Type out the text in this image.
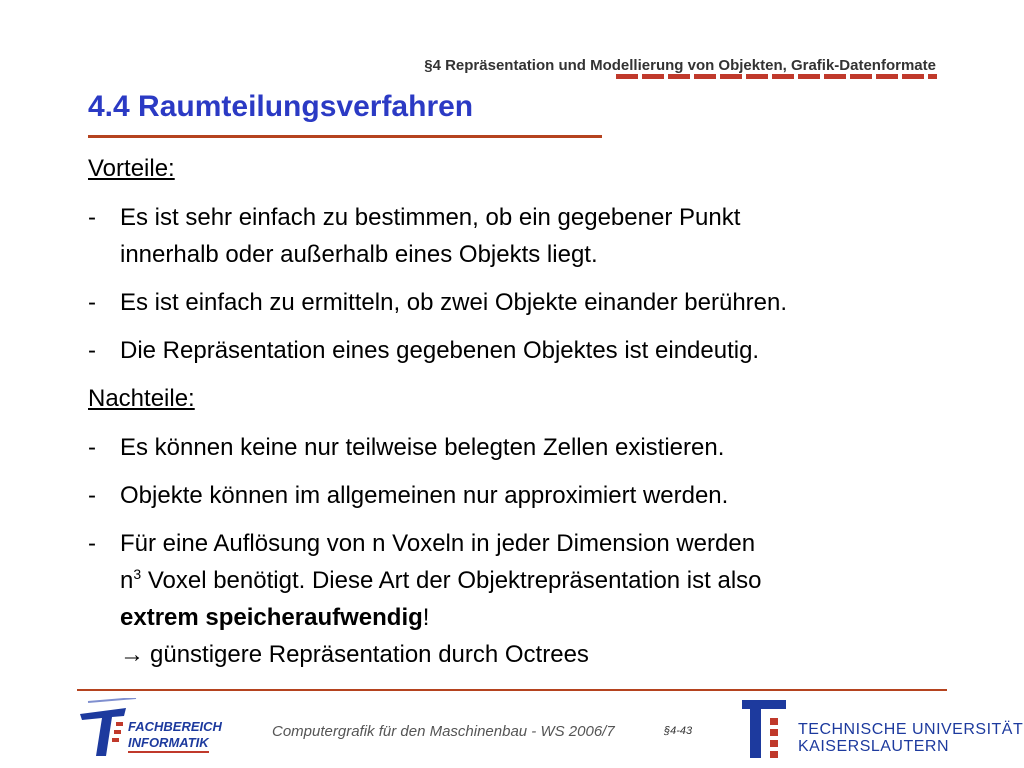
§4 Repräsentation und Modellierung von Objekten, Grafik-Datenformate
4.4 Raumteilungsverfahren
Vorteile:
- Es ist sehr einfach zu bestimmen, ob ein gegebener Punkt
innerhalb oder außerhalb eines Objekts liegt.
- Es ist einfach zu ermitteln, ob zwei Objekte einander berühren.
- Die Repräsentation eines gegebenen Objektes ist eindeutig.
Nachteile:
- Es können keine nur teilweise belegten Zellen existieren.
- Objekte können im allgemeinen nur approximiert werden.
- Für eine Auflösung von n Voxeln in jeder Dimension werden
$n^3$ Voxel benötigt. Diese Art der Objektrepräsentation ist also
extrem speicheraufwendig!
→ günstigere Repräsentation durch Octrees
FACHBEREICH
INFORMATIK
Computergrafik für den Maschinenbau - WS 2006/7	§4-43	TECHNISCHE UNIVERSITÄT
KAISERSLAUTERN
